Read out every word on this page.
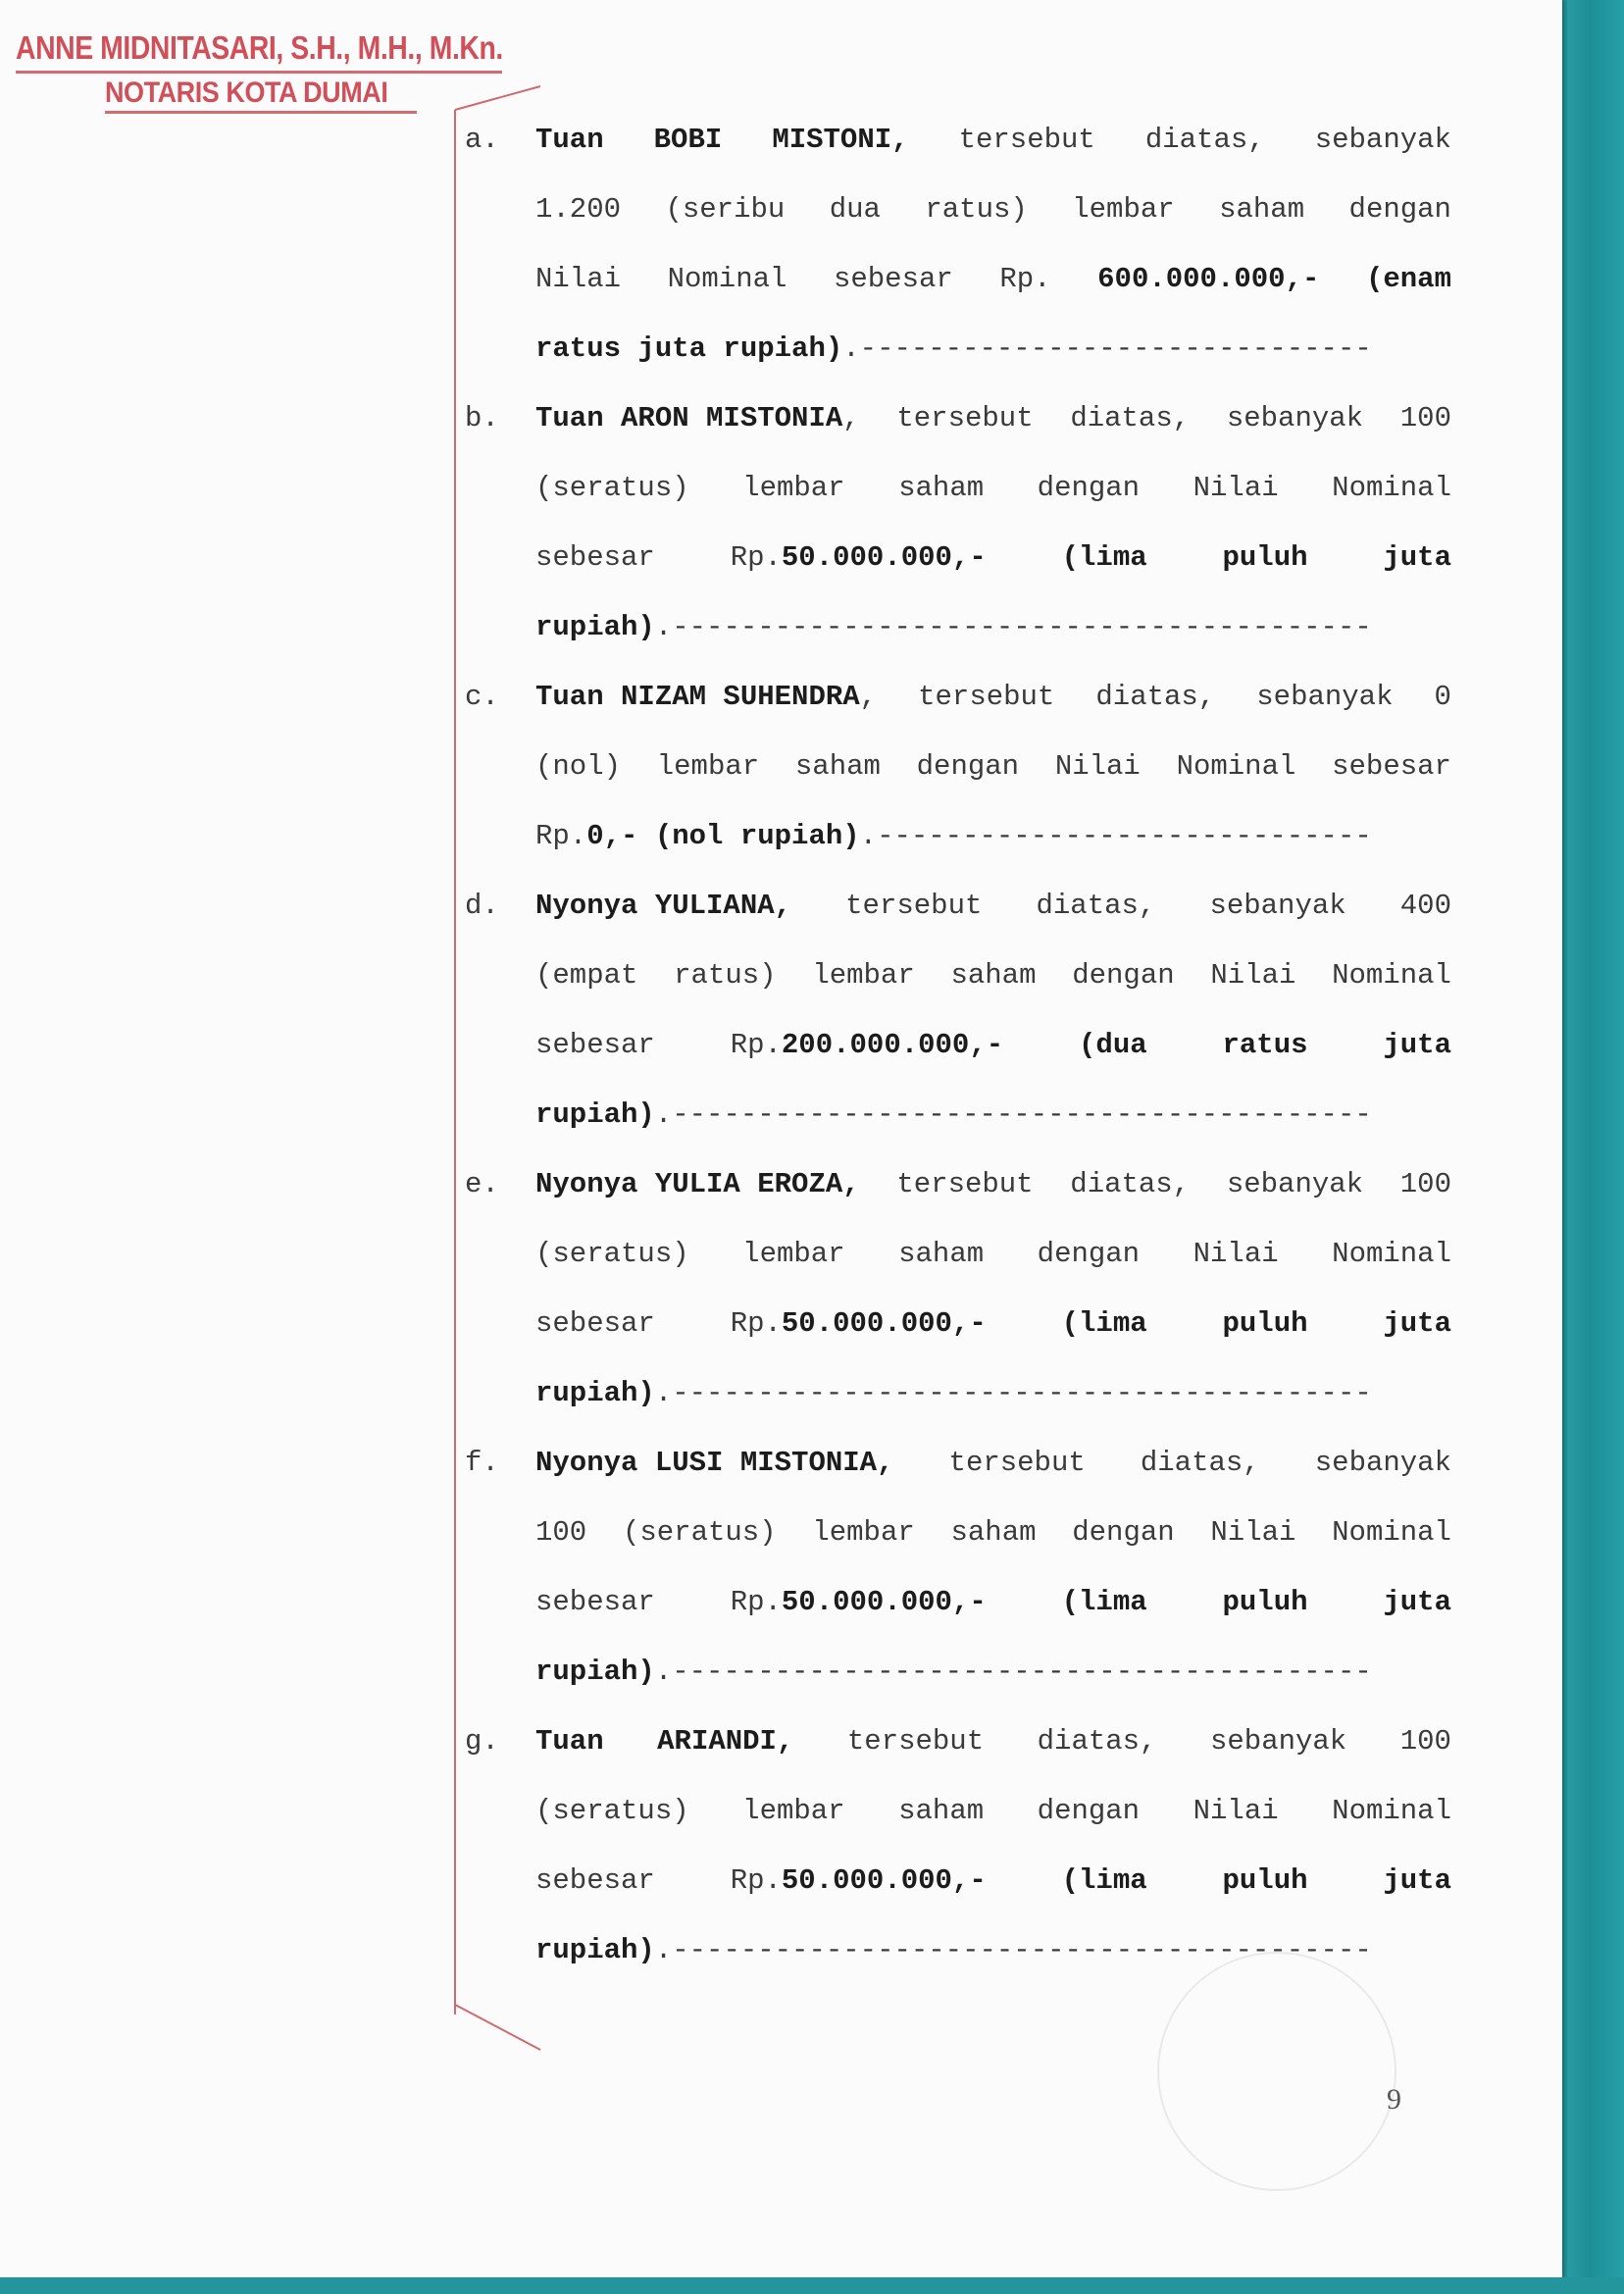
ANNE MIDNITASARI, S.H., M.H., M.Kn.
NOTARIS KOTA DUMAI
a. Tuan BOBI MISTONI, tersebut diatas, sebanyak
1.200 (seribu dua ratus) lembar saham dengan
Nilai Nominal sebesar Rp. 600.000.000,- (enam
ratus juta rupiah) .------------------------------
b. Tuan ARON MISTONIA, tersebut diatas, sebanyak 100
(seratus) lembar saham dengan Nilai Nominal
sebesar	Rp.50.000.000,-	(lima	puluh	juta
rupiah) .-----------------------------------------
c. Tuan NIZAM SUHENDRA, tersebut diatas, sebanyak 0
(nol) lembar saham dengan Nilai Nominal sebesar
Rp.0,- (nol rupiah) .-----------------------------
d. Nyonya YULIANA, tersebut diatas, sebanyak 400
(empat ratus) lembar saham dengan Nilai Nominal
sebesar	Rp.200.000.000,-	(dua	ratus	juta
rupiah) .-----------------------------------------
e. Nyonya YULIA EROZA, tersebut diatas, sebanyak 100
(seratus) lembar saham dengan Nilai Nominal
sebesar	Rp.50.000.000,-	(lima	puluh	juta
rupiah) .-----------------------------------------
f. Nyonya LUSI MISTONIA, tersebut diatas, sebanyak
100 (seratus) lembar saham dengan Nilai Nominal
sebesar	Rp.50.000.000,-	(lima	puluh	juta
rupiah) .-----------------------------------------
g. Tuan ARIANDI, tersebut diatas, sebanyak 100
(seratus) lembar saham dengan Nilai Nominal
sebesar	Rp.50.000.000,-	(lima	puluh	juta
rupiah) .-----------------------------------------
9
